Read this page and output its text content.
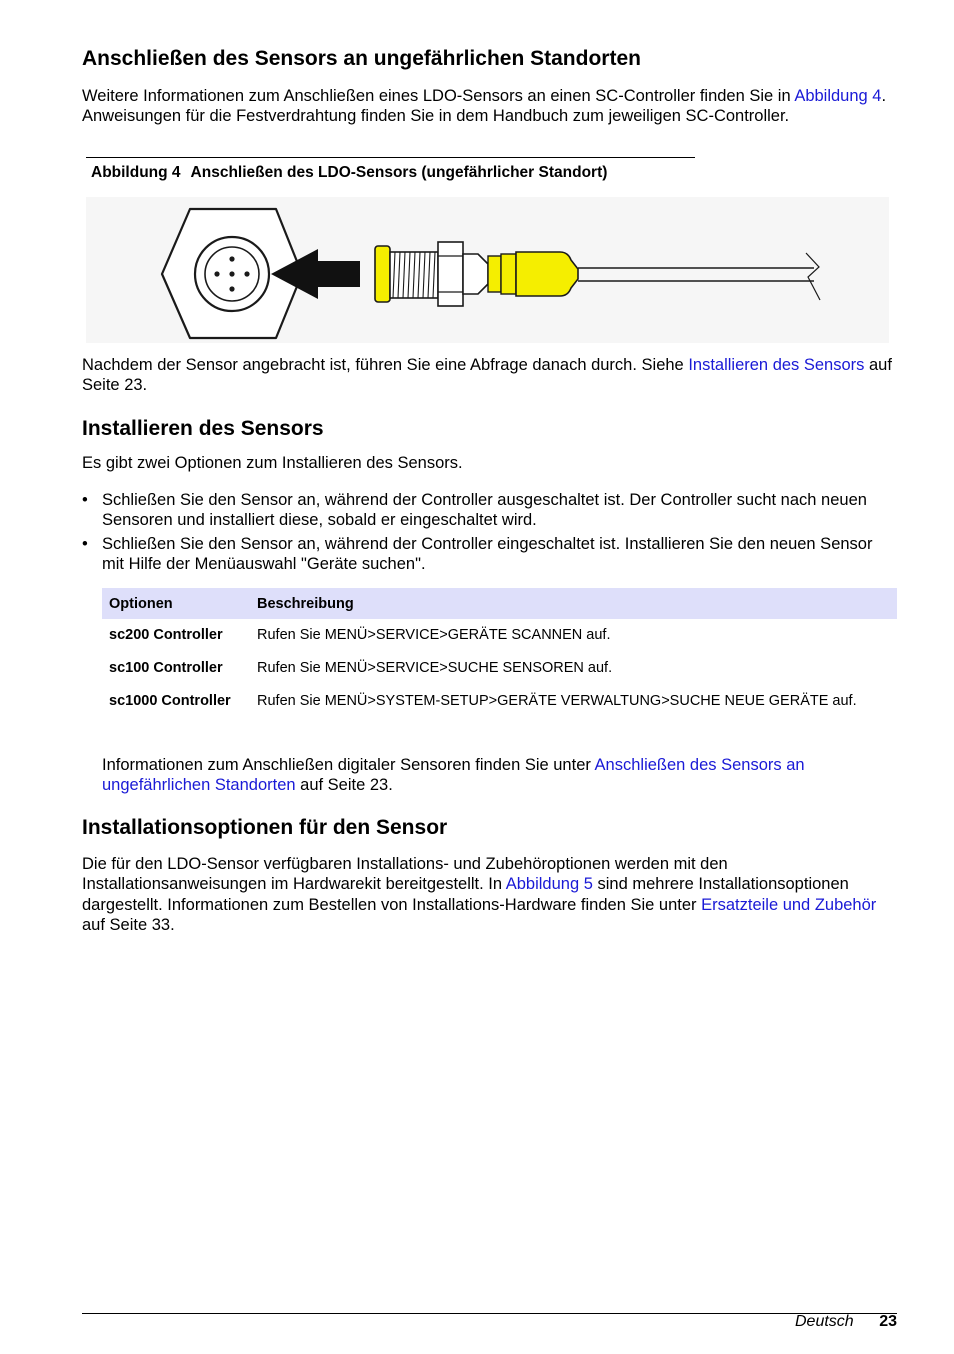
Anschließen des Sensors an ungefährlichen Standorten

Weitere Informationen zum Anschließen eines LDO-Sensors an einen SC-Controller finden Sie in Abbildung 4. Anweisungen für die Festverdrahtung finden Sie in dem Handbuch zum jeweiligen SC-Controller.

Abbildung 4 Anschließen des LDO-Sensors (ungefährlicher Standort)

Nachdem der Sensor angebracht ist, führen Sie eine Abfrage danach durch. Siehe Installieren des Sensors auf Seite 23.

Installieren des Sensors

Es gibt zwei Optionen zum Installieren des Sensors.

• Schließen Sie den Sensor an, während der Controller ausgeschaltet ist. Der Controller sucht nach neuen Sensoren und installiert diese, sobald er eingeschaltet wird.

• Schließen Sie den Sensor an, während der Controller eingeschaltet ist. Installieren Sie den neuen Sensor mit Hilfe der Menüauswahl "Geräte suchen".

Optionen	Beschreibung
sc200 Controller	Rufen Sie MENÜ>SERVICE>GERÄTE SCANNEN auf.
sc100 Controller	Rufen Sie MENÜ>SERVICE>SUCHE SENSOREN auf.
sc1000 Controller	Rufen Sie MENÜ>SYSTEM-SETUP>GERÄTE VERWALTUNG>SUCHE NEUE GERÄTE auf.

Informationen zum Anschließen digitaler Sensoren finden Sie unter Anschließen des Sensors an ungefährlichen Standorten auf Seite 23.

Installationsoptionen für den Sensor

Die für den LDO-Sensor verfügbaren Installations- und Zubehöroptionen werden mit den Installationsanweisungen im Hardwarekit bereitgestellt. In Abbildung 5 sind mehrere Installationsoptionen dargestellt. Informationen zum Bestellen von Installations-Hardware finden Sie unter Ersatzteile und Zubehör auf Seite 33.

Deutsch 23
